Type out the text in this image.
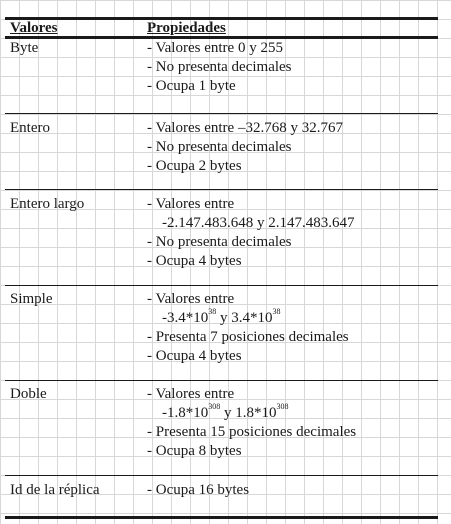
Valores	Propiedades
Byte	- Valores entre 0 y 255
- No presenta decimales
- Ocupa 1 byte
Entero	- Valores entre –32.768 y 32.767
- No presenta decimales
- Ocupa 2 bytes
Entero largo	- Valores entre
-2.147.483.648 y 2.147.483.647
- No presenta decimales
- Ocupa 4 bytes
Simple	- Valores entre
$-3.4*10^{38}$ y $3.4*10^{38}$
- Presenta 7 posiciones decimales
- Ocupa 4 bytes
Doble	- Valores entre
$-1.8*10^{308}$ y $1.8*10^{308}$
- Presenta 15 posiciones decimales
- Ocupa 8 bytes
Id de la réplica	- Ocupa 16 bytes
